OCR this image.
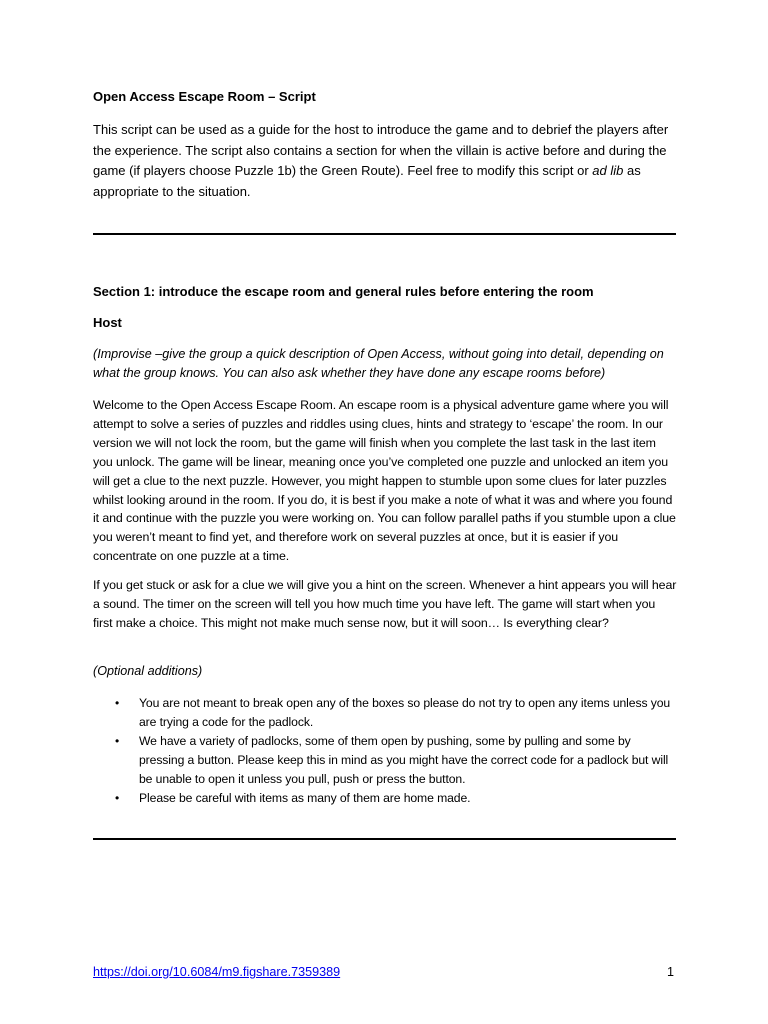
Open Access Escape Room – Script

This script can be used as a guide for the host to introduce the game and to debrief the players after the experience. The script also contains a section for when the villain is active before and during the game (if players choose Puzzle 1b) the Green Route). Feel free to modify this script or ad lib as appropriate to the situation.

Section 1: introduce the escape room and general rules before entering the room

Host

(Improvise –give the group a quick description of Open Access, without going into detail, depending on what the group knows. You can also ask whether they have done any escape rooms before)

Welcome to the Open Access Escape Room. An escape room is a physical adventure game where you will attempt to solve a series of puzzles and riddles using clues, hints and strategy to ‘escape’ the room. In our version we will not lock the room, but the game will finish when you complete the last task in the last item you unlock. The game will be linear, meaning once you’ve completed one puzzle and unlocked an item you will get a clue to the next puzzle. However, you might happen to stumble upon some clues for later puzzles whilst looking around in the room. If you do, it is best if you make a note of what it was and where you found it and continue with the puzzle you were working on. You can follow parallel paths if you stumble upon a clue you weren’t meant to find yet, and therefore work on several puzzles at once, but it is easier if you concentrate on one puzzle at a time.

If you get stuck or ask for a clue we will give you a hint on the screen. Whenever a hint appears you will hear a sound. The timer on the screen will tell you how much time you have left. The game will start when you first make a choice. This might not make much sense now, but it will soon… Is everything clear?

(Optional additions)

• You are not meant to break open any of the boxes so please do not try to open any items unless you are trying a code for the padlock.
• We have a variety of padlocks, some of them open by pushing, some by pulling and some by pressing a button. Please keep this in mind as you might have the correct code for a padlock but will be unable to open it unless you pull, push or press the button.
• Please be careful with items as many of them are home made.
https://doi.org/10.6084/m9.figshare.7359389	1
